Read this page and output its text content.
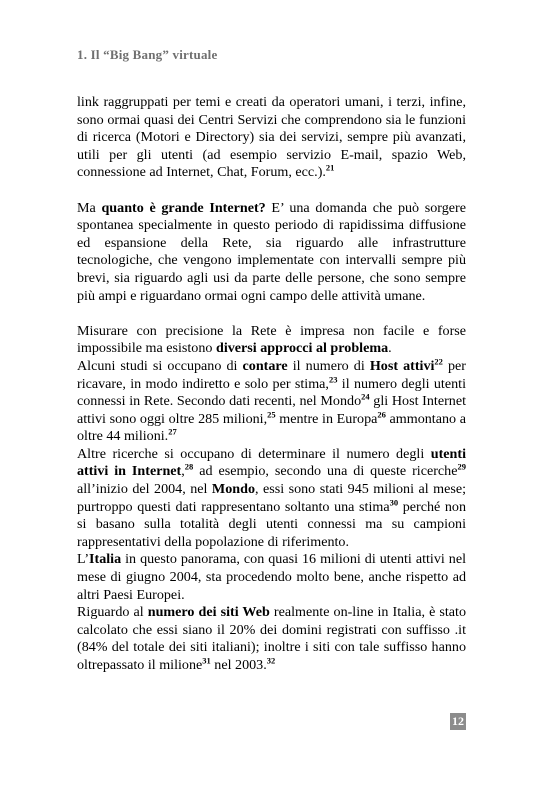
1. Il “Big Bang” virtuale

link raggruppati per temi e creati da operatori umani, i terzi, infine, sono ormai quasi dei Centri Servizi che comprendono sia le funzioni di ricerca (Motori e Directory) sia dei servizi, sempre più avanzati, utili per gli utenti (ad esempio servizio E-mail, spazio Web, connessione ad Internet, Chat, Forum, ecc.).$^{21}$

Ma quanto è grande Internet? E’ una domanda che può sorgere spontanea specialmente in questo periodo di rapidissima diffusione ed espansione della Rete, sia riguardo alle infrastrutture tecnologiche, che vengono implementate con intervalli sempre più brevi, sia riguardo agli usi da parte delle persone, che sono sempre più ampi e riguardano ormai ogni campo delle attività umane.

Misurare con precisione la Rete è impresa non facile e forse impossibile ma esistono diversi approcci al problema.

Alcuni studi si occupano di contare il numero di Host attivi$^{22}$ per ricavare, in modo indiretto e solo per stima,$^{23}$ il numero degli utenti connessi in Rete. Secondo dati recenti, nel Mondo$^{24}$ gli Host Internet attivi sono oggi oltre 285 milioni,$^{25}$ mentre in Europa$^{26}$ ammontano a oltre 44 milioni.$^{27}$

Altre ricerche si occupano di determinare il numero degli utenti attivi in Internet,$^{28}$ ad esempio, secondo una di queste ricerche$^{29}$ all’inizio del 2004, nel Mondo, essi sono stati 945 milioni al mese; purtroppo questi dati rappresentano soltanto una stima$^{30}$ perché non si basano sulla totalità degli utenti connessi ma su campioni rappresentativi della popolazione di riferimento.

L’Italia in questo panorama, con quasi 16 milioni di utenti attivi nel mese di giugno 2004, sta procedendo molto bene, anche rispetto ad altri Paesi Europei.

Riguardo al numero dei siti Web realmente on-line in Italia, è stato calcolato che essi siano il 20% dei domini registrati con suffisso .it (84% del totale dei siti italiani); inoltre i siti con tale suffisso hanno oltrepassato il milione$^{31}$ nel 2003.32

12
